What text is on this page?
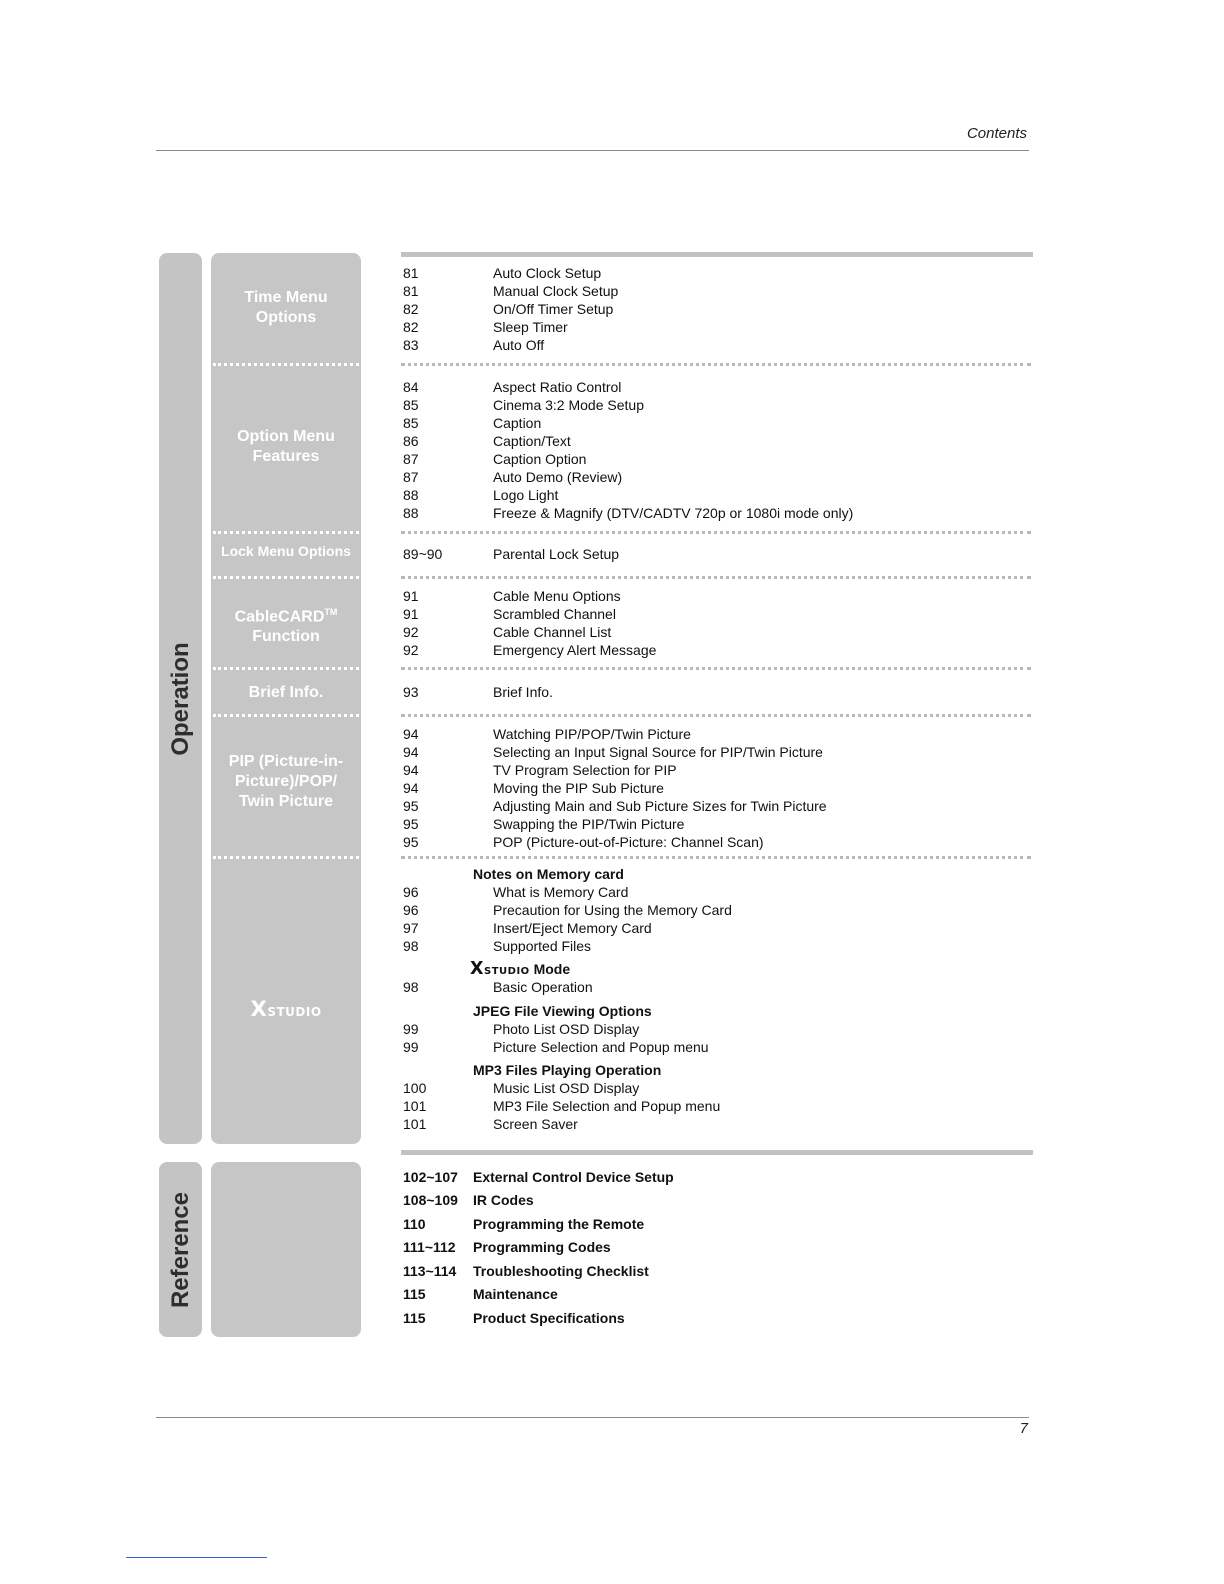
Contents
7
Operation
Reference
Time Menu
Options
Option Menu
Features
Lock Menu Options
CableCARD™
Function
Brief Info.
PIP (Picture-in-
Picture)/POP/
Twin Picture
Xstudio
81	Auto Clock Setup
81	Manual Clock Setup
82	On/Off Timer Setup
82	Sleep Timer
83	Auto Off
84	Aspect Ratio Control
85	Cinema 3:2 Mode Setup
85	Caption
86	Caption/Text
87	Caption Option
87	Auto Demo (Review)
88	Logo Light
88	Freeze & Magnify (DTV/CADTV 720p or 1080i mode only)
89~90	Parental Lock Setup
91	Cable Menu Options
91	Scrambled Channel
92	Cable Channel List
92	Emergency Alert Message
93	Brief Info.
94	Watching PIP/POP/Twin Picture
94	Selecting an Input Signal Source for PIP/Twin Picture
94	TV Program Selection for PIP
94	Moving the PIP Sub Picture
95	Adjusting Main and Sub Picture Sizes for Twin Picture
95	Swapping the PIP/Twin Picture
95	POP (Picture-out-of-Picture: Channel Scan)
Notes on Memory card
96	What is Memory Card
96	Precaution for Using the Memory Card
97	Insert/Eject Memory Card
98	Supported Files
Xstudio Mode
98	Basic Operation
JPEG File Viewing Options
99	Photo List OSD Display
99	Picture Selection and Popup menu
MP3 Files Playing Operation
100	Music List OSD Display
101	MP3 File Selection and Popup menu
101	Screen Saver
102~107 External Control Device Setup
108~109 IR Codes
110	Programming the Remote
111~112 Programming Codes
113~114 Troubleshooting Checklist
115	Maintenance
115	Product Specifications
